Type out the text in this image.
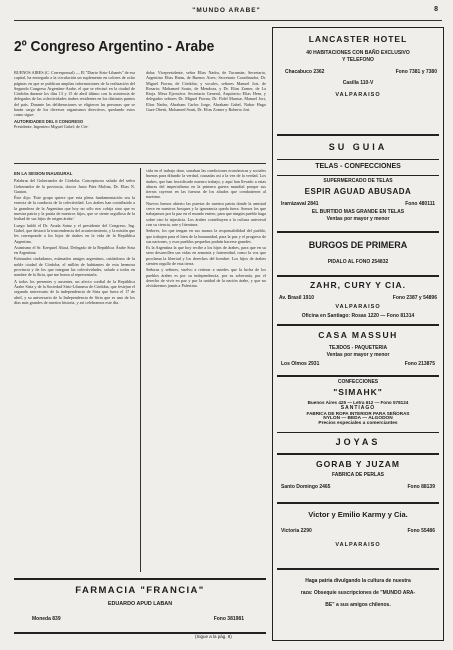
"MUNDO ARABE"	8
2º Congreso Argentino - Arabe

BUENOS AIRES (C. Corresponsal) — El "Diario Sirio-Libanés" de esa capital, ha entregado a la circulación un suplemento en colores de ocho páginas en que se publican amplias informaciones de la realización del Segundo Congreso Argentino-Arabe, el que se efectuó en la ciudad de Córdoba durante los días 13 y 15 de abril último con la asistencia de delegados de las colectividades árabes residentes en los distintos puntos del país. Durante las deliberaciones se eligieron las personas que se harán cargo de los diversos organismos directivos, quedando estos como sigue:

AUTORIDADES DEL II CONGRESO

Presidente, Ingeniero Miguel Gabel; de Cór-

doba; Vicepresidente, señor Elias Nadra, de Tucumán; Secretario, Argentino Elias Haim, de Buenos Aires; Secretario Coordinador, Dr. Miguel Fiorna, de Córdoba; y vocales, señores Manuel Jort, de Rosario; Mohamed Souto, de Mendoza, y Dr. Elias Zomer, de La Rioja. Mesa Ejecutiva: Secretario General, Arquitecto Elias Hem, y delegados señores Dr. Miguel Fiorna, Dr. Fidel Mansur, Manuel Jort, Elias Nadra, Abraham Carlos Jorge, Abraham Gabel, Nabor Hugo Gaze Oberti, Mohamed Souti, Dr. Elias Zomer y Roberto Jort.

EN LA SESION INAUGURAL

Palabras del Gobernador de Córdoba. Conceptuoso saludo del señor Gobernador de la provincia, doctor Justo Páez Molina, Dr. Elias N. Gauion.

Éste dijo: 'Este grupo quiere que esta plena fundamentación sea la esencia de la conducta de la colectividad. Los árabes han contribuido a la grandeza de la Argentina que hoy no sólo nos cobija sino que es nuestra patria y la patria de nuestros hijos, que se siente orgullosa de la lealtad de sus hijos de origen árabe.'

Luego habló el Dr. Aruda Sainz y el presidente del Congreso, Ing. Gabel, que destacó la trascendencia del acontecimiento, y la misión que les corresponde a los hijos de árabes en la vida de la República Argentina.

Asimismo el Sr. Ezequiel Alsuá, Delegado de la República Árabe Siria en Argentina.

Estimados ciudadanos, estimados amigos argentinos, cuidadosos de la noble ciudad de Córdoba, el millón de habitantes de esta hermosa provincia y de los que integran las colectividades, saludo a todos en nombre de la Siria, que me honra al representarla.

A todos los presentes y ausentes, un afecto cordial de la República Árabe Siria y de la Sociedad Sirio-Libanesa de Córdoba, que festejan el segundo aniversario de la independencia de Siria que fuera el 17 de abril, y su aniversario de la Independencia de Siria que es uno de los días más grandes de nuestra historia, y así celebramos este día.

cida en el trabajo duro, sonaban las condiciones económicas y sociales buenas para difundir la verdad, causadas así a la vez de la verdad. Los árabes, que han fructificado nuestro trabajo, y aquí han llevado a estas alturas del imperialismo en la primera guerra mundial porque sus tierras cayeron en las fuerzas de los aliados que combatieron al nazismo.

Nuevos hemos abierto las puertas de nuestra patria donde la amistad crece en nuestros bosques y la ignorancia queda fuera. Somos los que trabajamos por la paz en el mundo entero, para que ningún pueblo haga sobre otro la injusticia. Los árabes contribuyen a la cultura universal con su ciencia, arte y literatura.

Señores, los que tengan en sus manos la responsabilidad del pueblo, que trabajen para el bien de la humanidad, para la paz y el progreso de sus naciones, y esos pueblos pequeños podrán hacerse grandes.

Es la Argentina la que hoy recibe a los hijos de árabes, para que en su seno desarrollen sus vidas en armonía y fraternidad, como la voz que proclama la libertad y los derechos del hombre. Los hijos de árabes sienten orgullo de esta tierra.

Señoras y señores, vuelvo a reiterar a ustedes que la lucha de los pueblos árabes es por su independencia, por su soberanía, por el derecho de vivir en paz y por la unidad de la nación árabe, y que no olvidaremos jamás a Palestina.

FARMACIA "FRANCIA"
EDUARDO APUD LABAN
Moneda 839	Fono 381981
(Sigue a la pág. 8)
LANCASTER HOTEL
40 HABITACIONES CON BAÑO EXCLUSIVO
Y TELEFONO
Chacabuco 2362	Fono 7381 y 7380
Casilla 110-V
VALPARAISO
SU GUIA
TELAS - CONFECCIONES
SUPERMERCADO DE TELAS
ESPIR AGUAD ABUSADA
Irarrázaval 2841	Fono 480111
EL BURTIDO MAS GRANDE EN TELAS
Ventas por mayor y menor
BURGOS DE PRIMERA
PIDALO AL FONO 254832
ZAHR, CURY Y CIA.
Av. Brasil 1910	Fono 2387 y 54896
VALPARAISO
Oficina en Santiago: Rosas 1220 — Fono 81314
CASA MASSUH
TEJIDOS - PAQUETERIA
Ventas por mayor y menor
Los Olmos 2931	Fono 213875
CONFECCIONES
"SIMAHK"
Buenos Aires 425 — Letra 612 — Fono 578124
SANTIAGO
FABRICA DE ROPA INTERIOR PARA SEÑORAS
NYLON — BEDA — ALGODON
Precios especiales a comerciantes
JOYAS
GORAB Y JUZAM
FABRICA DE PERLAS
Santo Domingo 2465	Fono 88139
Victor y Emilio Karmy y Cia.
Victoria 2290	Fono 55486
VALPARAISO
Haga patria divulgando la cultura de nuestra
raza: Obsequie suscripciones de "MUNDO ARA-
BE" a sus amigos chilenos.
